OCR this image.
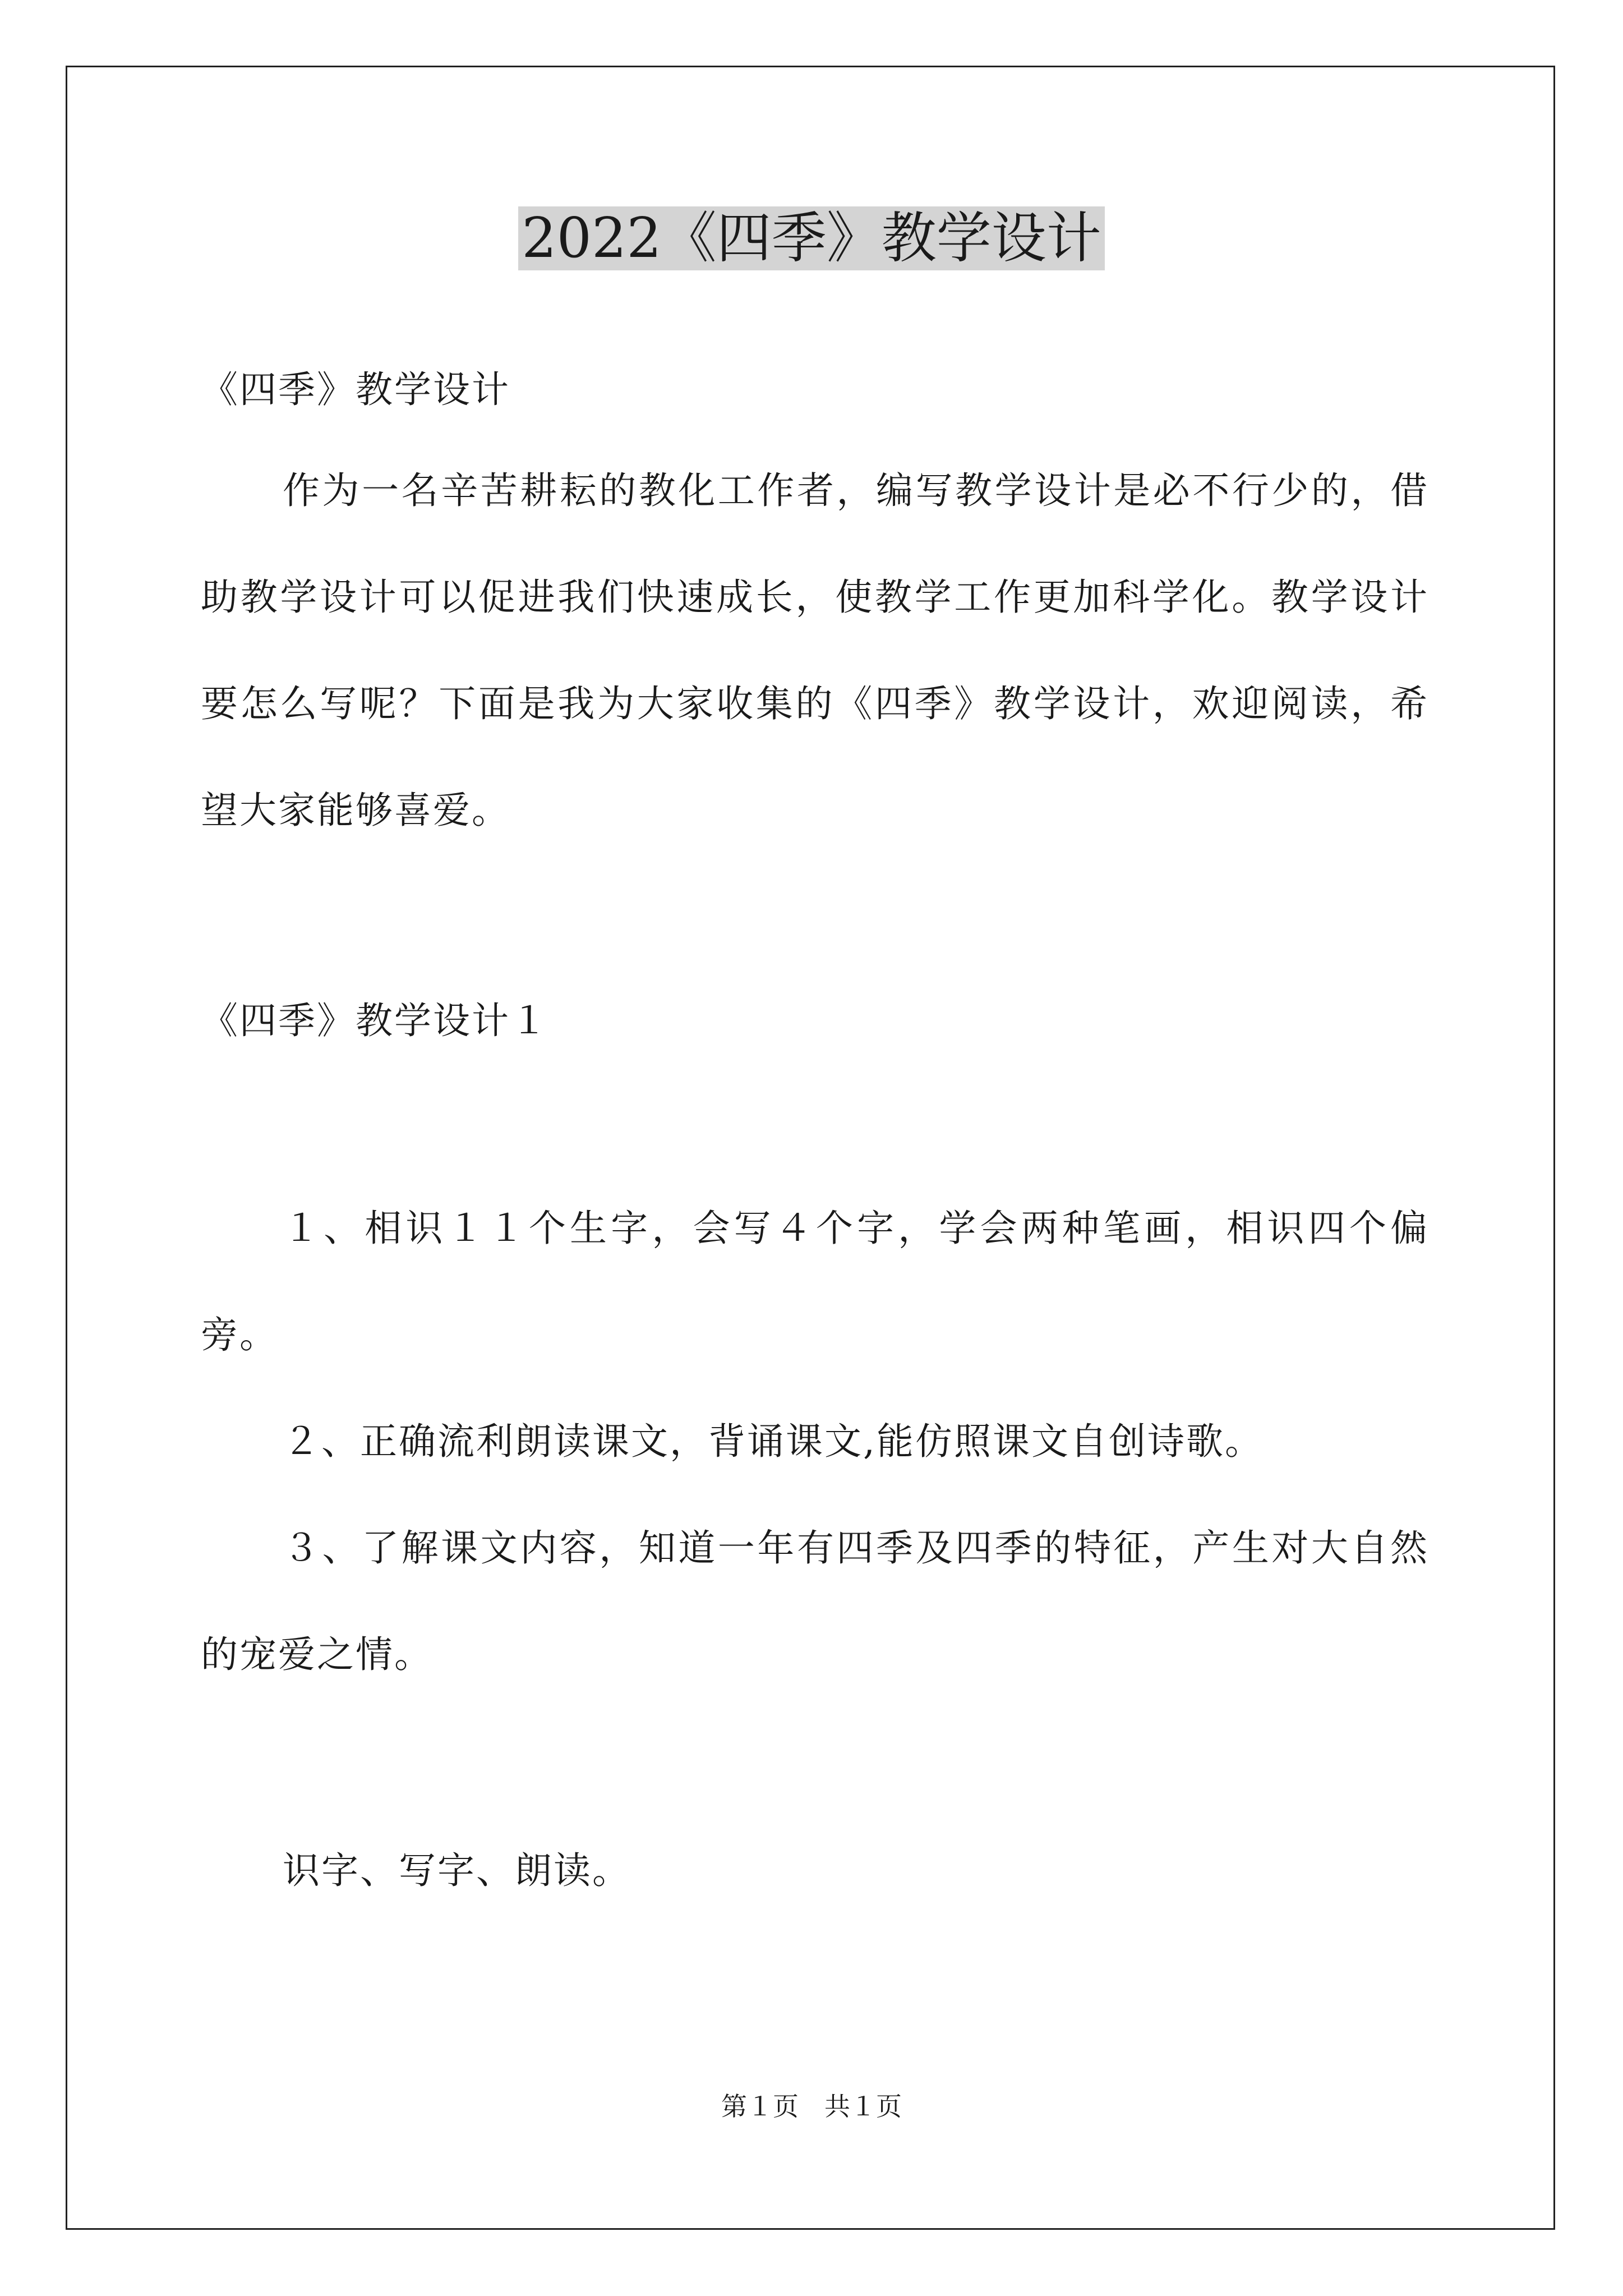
2022《四季》教学设计

《四季》教学设计

作为一名辛苦耕耘的教化工作者，编写教学设计是必不行少的，借助教学设计可以促进我们快速成长，使教学工作更加科学化。教学设计要怎么写呢？下面是我为大家收集的《四季》教学设计，欢迎阅读，希望大家能够喜爱。

《四季》教学设计１

１、相识１１个生字，会写４个字，学会两种笔画，相识四个偏旁。

２、正确流利朗读课文，背诵课文,能仿照课文自创诗歌。

３、了解课文内容，知道一年有四季及四季的特征，产生对大自然的宠爱之情。

识字、写字、朗读。

第１页　共１页
